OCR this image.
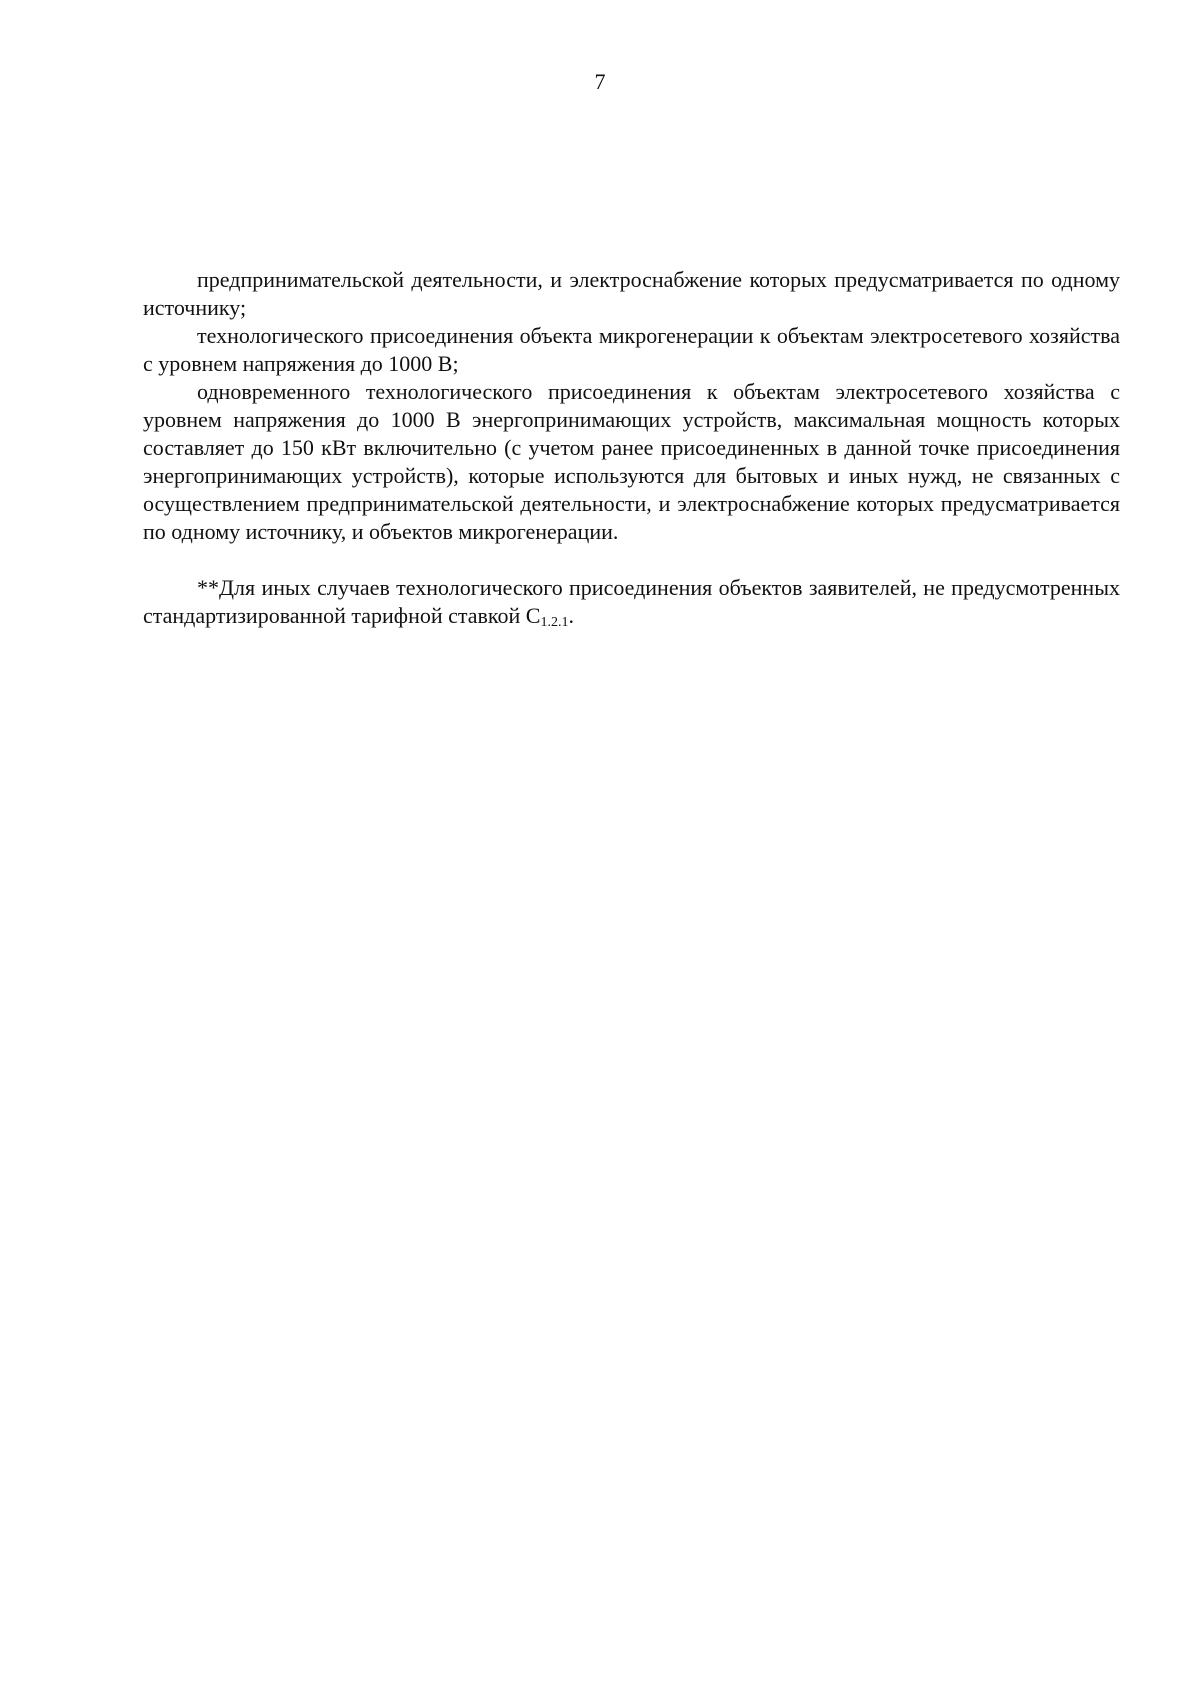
7

предпринимательской деятельности, и электроснабжение которых предусматривается по одному источнику;

технологического присоединения объекта микрогенерации к объектам электросетевого хозяйства с уровнем напряжения до 1000 В;

одновременного технологического присоединения к объектам электросетевого хозяйства с уровнем напряжения до 1000 В энергопринимающих устройств, максимальная мощность которых составляет до 150 кВт включительно (с учетом ранее присоединенных в данной точке присоединения энергопринимающих устройств), которые используются для бытовых и иных нужд, не связанных с осуществлением предпринимательской деятельности, и электроснабжение которых предусматривается по одному источнику, и объектов микрогенерации.

**Для иных случаев технологического присоединения объектов заявителей, не предусмотренных стандартизированной тарифной ставкой $С_{1.2.1}$.
